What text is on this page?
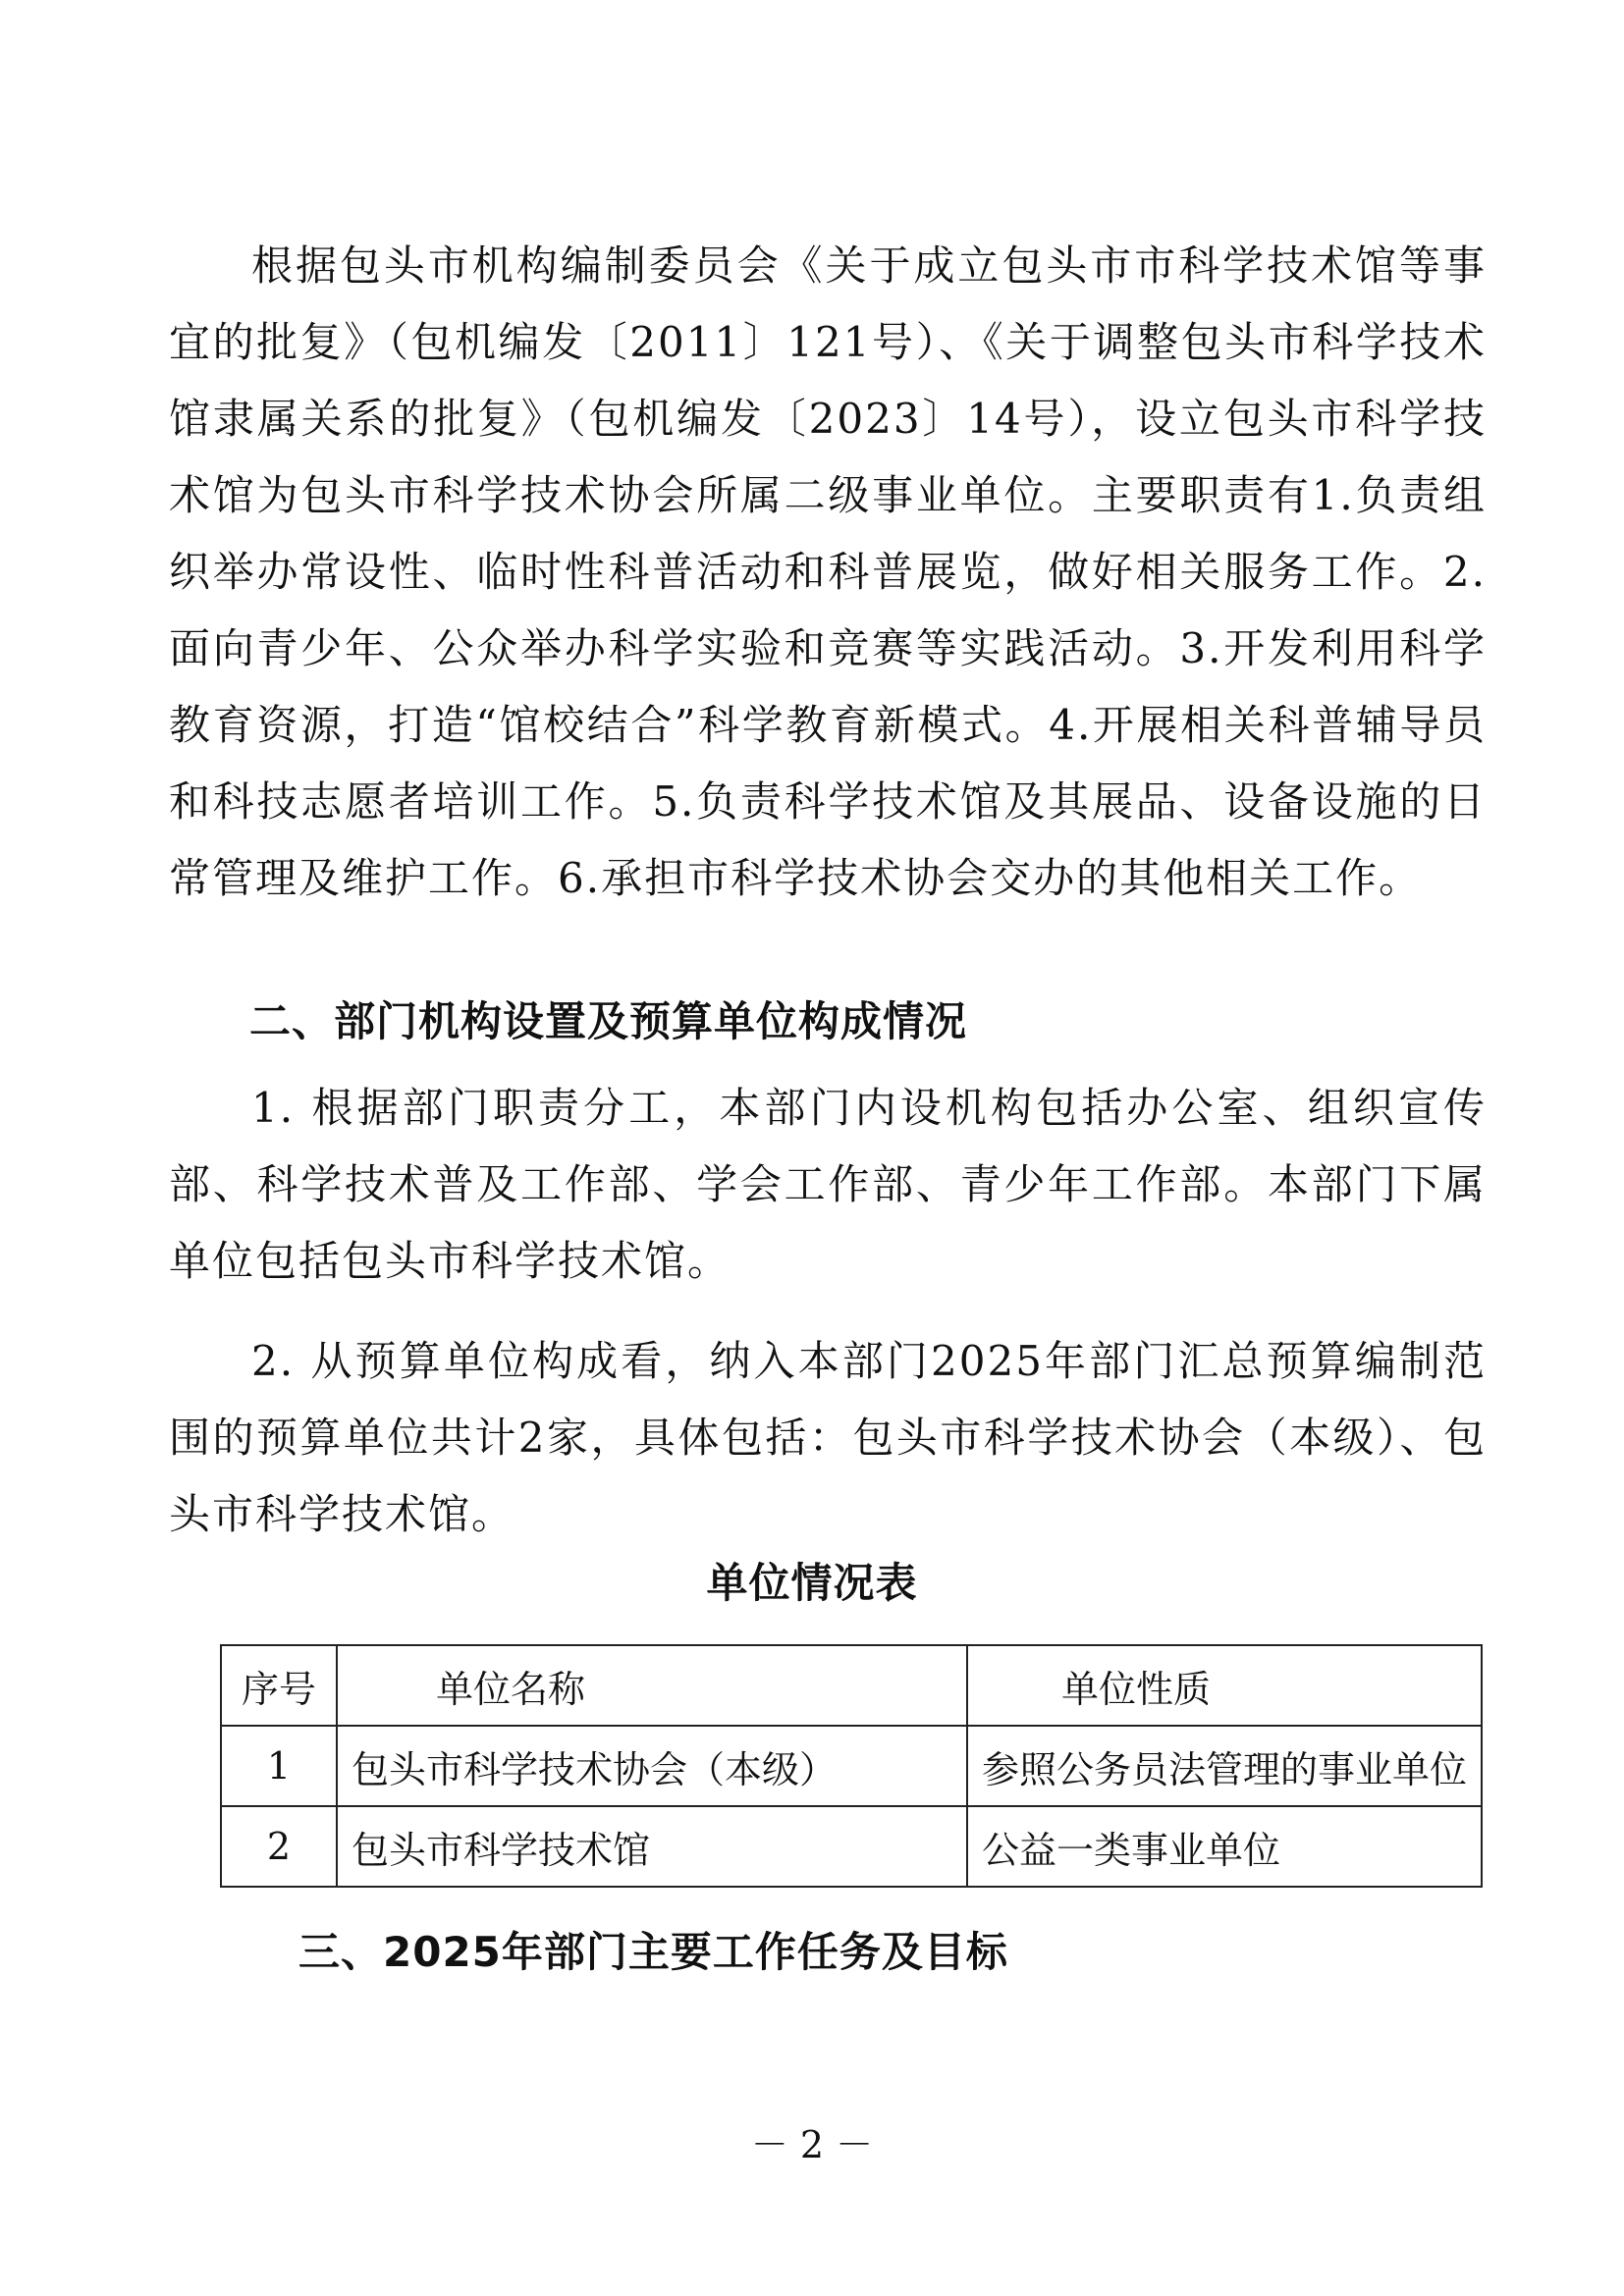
根据包头市机构编制委员会《关于成立包头市市科学技术馆等事宜的批复》（包机编发〔2011〕121号）、《关于调整包头市科学技术馆隶属关系的批复》（包机编发〔2023〕14号），设立包头市科学技术馆为包头市科学技术协会所属二级事业单位。主要职责有1.负责组织举办常设性、临时性科普活动和科普展览，做好相关服务工作。2.面向青少年、公众举办科学实验和竞赛等实践活动。3.开发利用科学教育资源，打造“馆校结合”科学教育新模式。4.开展相关科普辅导员和科技志愿者培训工作。5.负责科学技术馆及其展品、设备设施的日常管理及维护工作。6.承担市科学技术协会交办的其他相关工作。

二、部门机构设置及预算单位构成情况

1. 根据部门职责分工，本部门内设机构包括办公室、组织宣传部、科学技术普及工作部、学会工作部、青少年工作部。本部门下属单位包括包头市科学技术馆。

2. 从预算单位构成看，纳入本部门2025年部门汇总预算编制范围的预算单位共计2家，具体包括：包头市科学技术协会（本级）、包头市科学技术馆。

单位情况表
序号	单位名称	单位性质
1	包头市科学技术协会（本级）	参照公务员法管理的事业单位
2	包头市科学技术馆	公益一类事业单位
三、2025年部门主要工作任务及目标
－ 2 －
